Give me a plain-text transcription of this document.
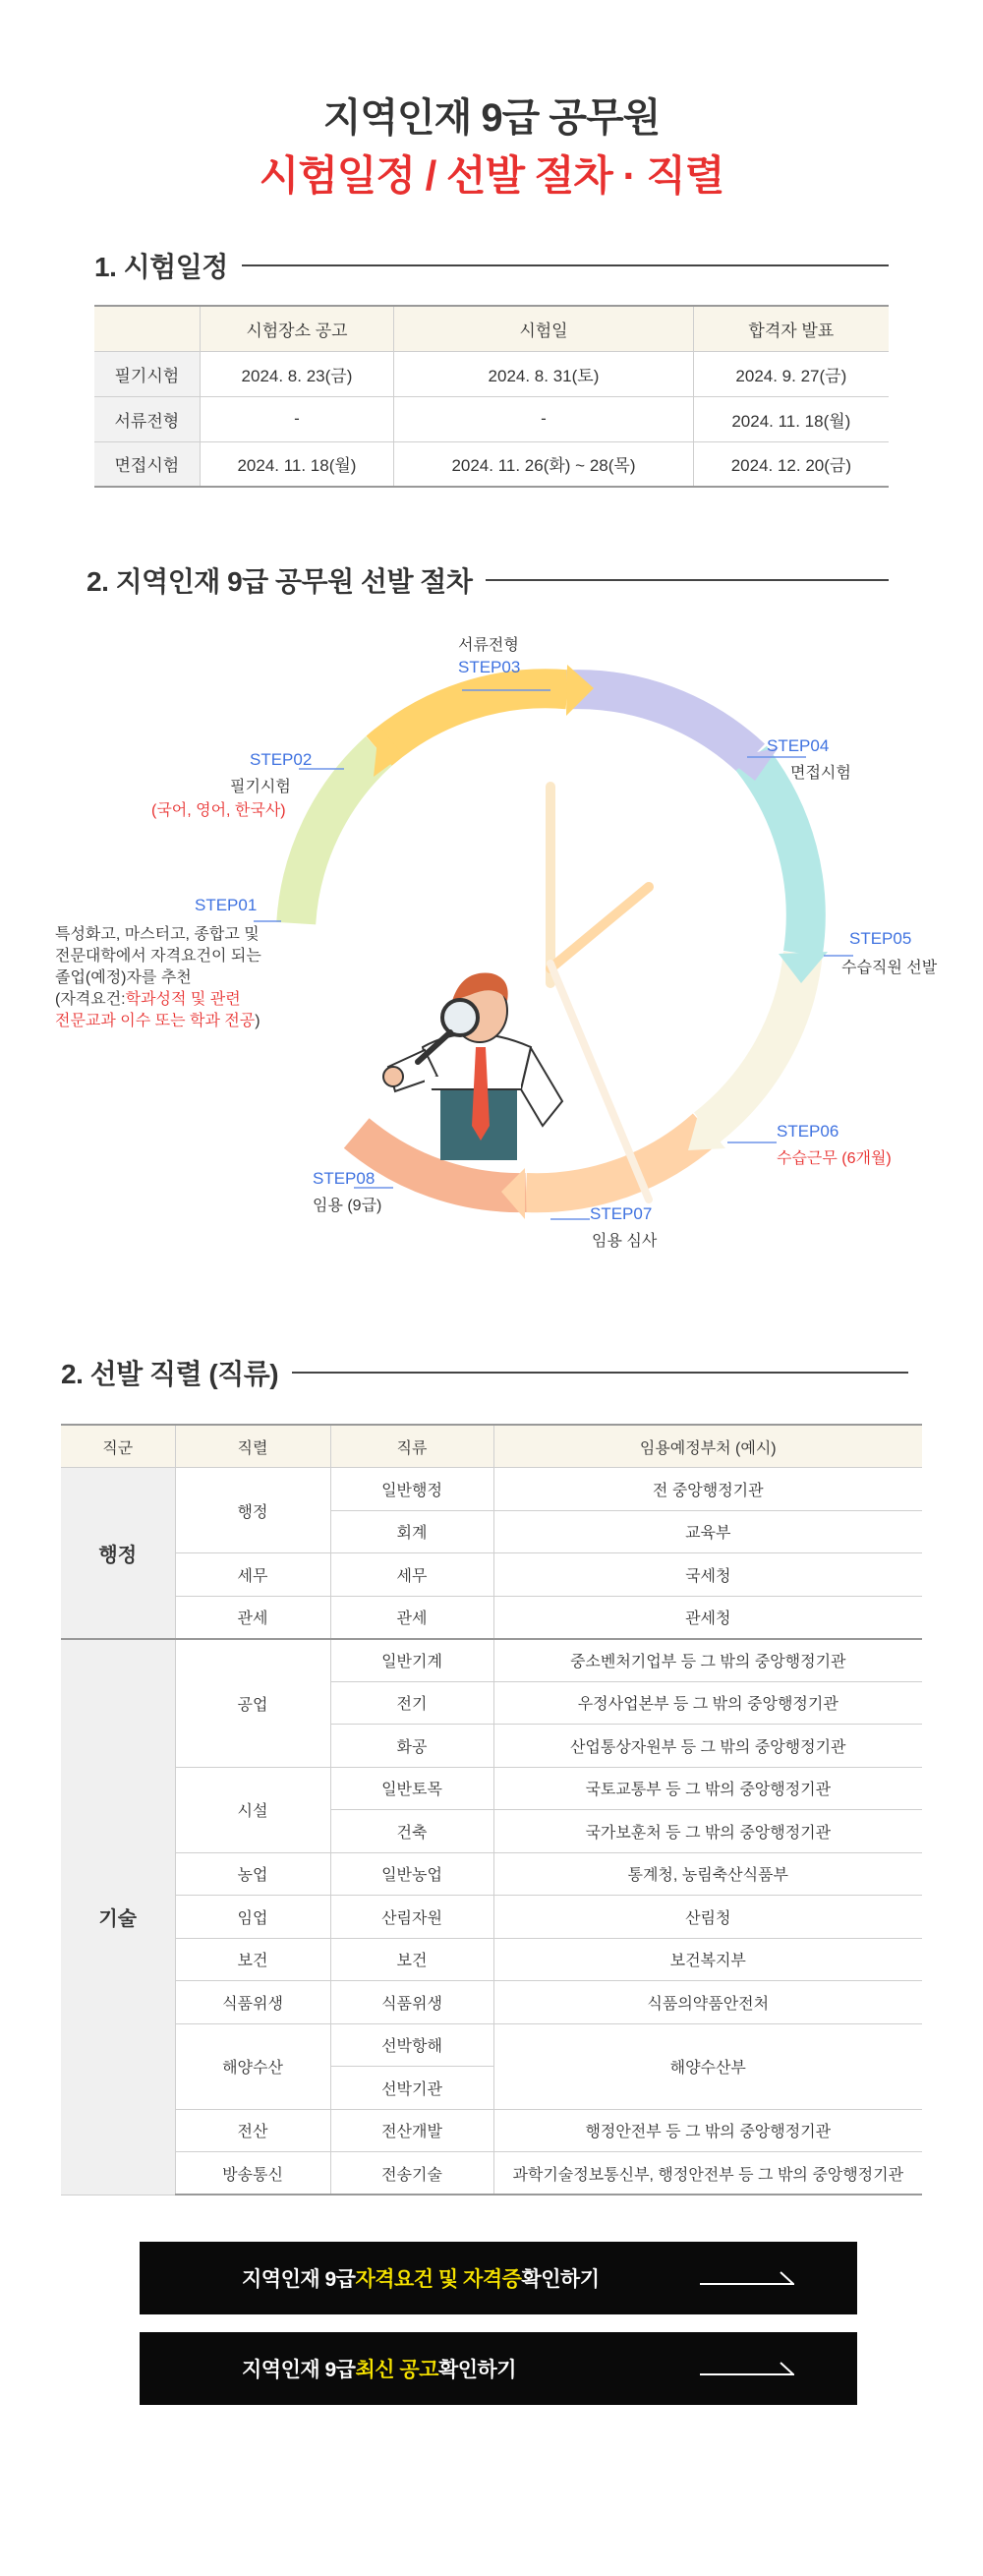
지역인재 9급 공무원
시험일정 / 선발 절차 · 직렬
1. 시험일정
	시험장소 공고	시험일	합격자 발표
필기시험	2024. 8. 23(금)	2024. 8. 31(토)	2024. 9. 27(금)
서류전형	-	-	2024. 11. 18(월)
면접시험	2024. 11. 18(월)	2024. 11. 26(화) ~ 28(목)	2024. 12. 20(금)
2. 지역인재 9급 공무원 선발 절차
STEP01
특성화고, 마스터고, 종합고 및
전문대학에서 자격요건이 되는
졸업(예정)자를 추천
(자격요건:학과성적 및 관련
전문교과 이수 또는 학과 전공)
STEP02
필기시험
(국어, 영어, 한국사)
서류전형
STEP03
STEP04
면접시험
STEP05
수습직원 선발
STEP06
수습근무 (6개월)
STEP07
임용 심사
STEP08
임용 (9급)
2. 선발 직렬 (직류)
직군	직렬	직류	임용예정부처 (예시)
행정	행정	일반행정	전 중앙행정기관
		회계	교육부
	세무	세무	국세청
	관세	관세	관세청
기술	공업	일반기계	중소벤처기업부 등 그 밖의 중앙행정기관
		전기	우정사업본부 등 그 밖의 중앙행정기관
		화공	산업통상자원부 등 그 밖의 중앙행정기관
	시설	일반토목	국토교통부 등 그 밖의 중앙행정기관
		건축	국가보훈처 등 그 밖의 중앙행정기관
	농업	일반농업	통계청, 농림축산식품부
	임업	산림자원	산림청
	보건	보건	보건복지부
	식품위생	식품위생	식품의약품안전처
	해양수산	선박항해	해양수산부
		선박기관	
	전산	전산개발	행정안전부 등 그 밖의 중앙행정기관
	방송통신	전송기술	과학기술정보통신부, 행정안전부 등 그 밖의 중앙행정기관
지역인재 9급 자격요건 및 자격증 확인하기
지역인재 9급 최신 공고 확인하기
